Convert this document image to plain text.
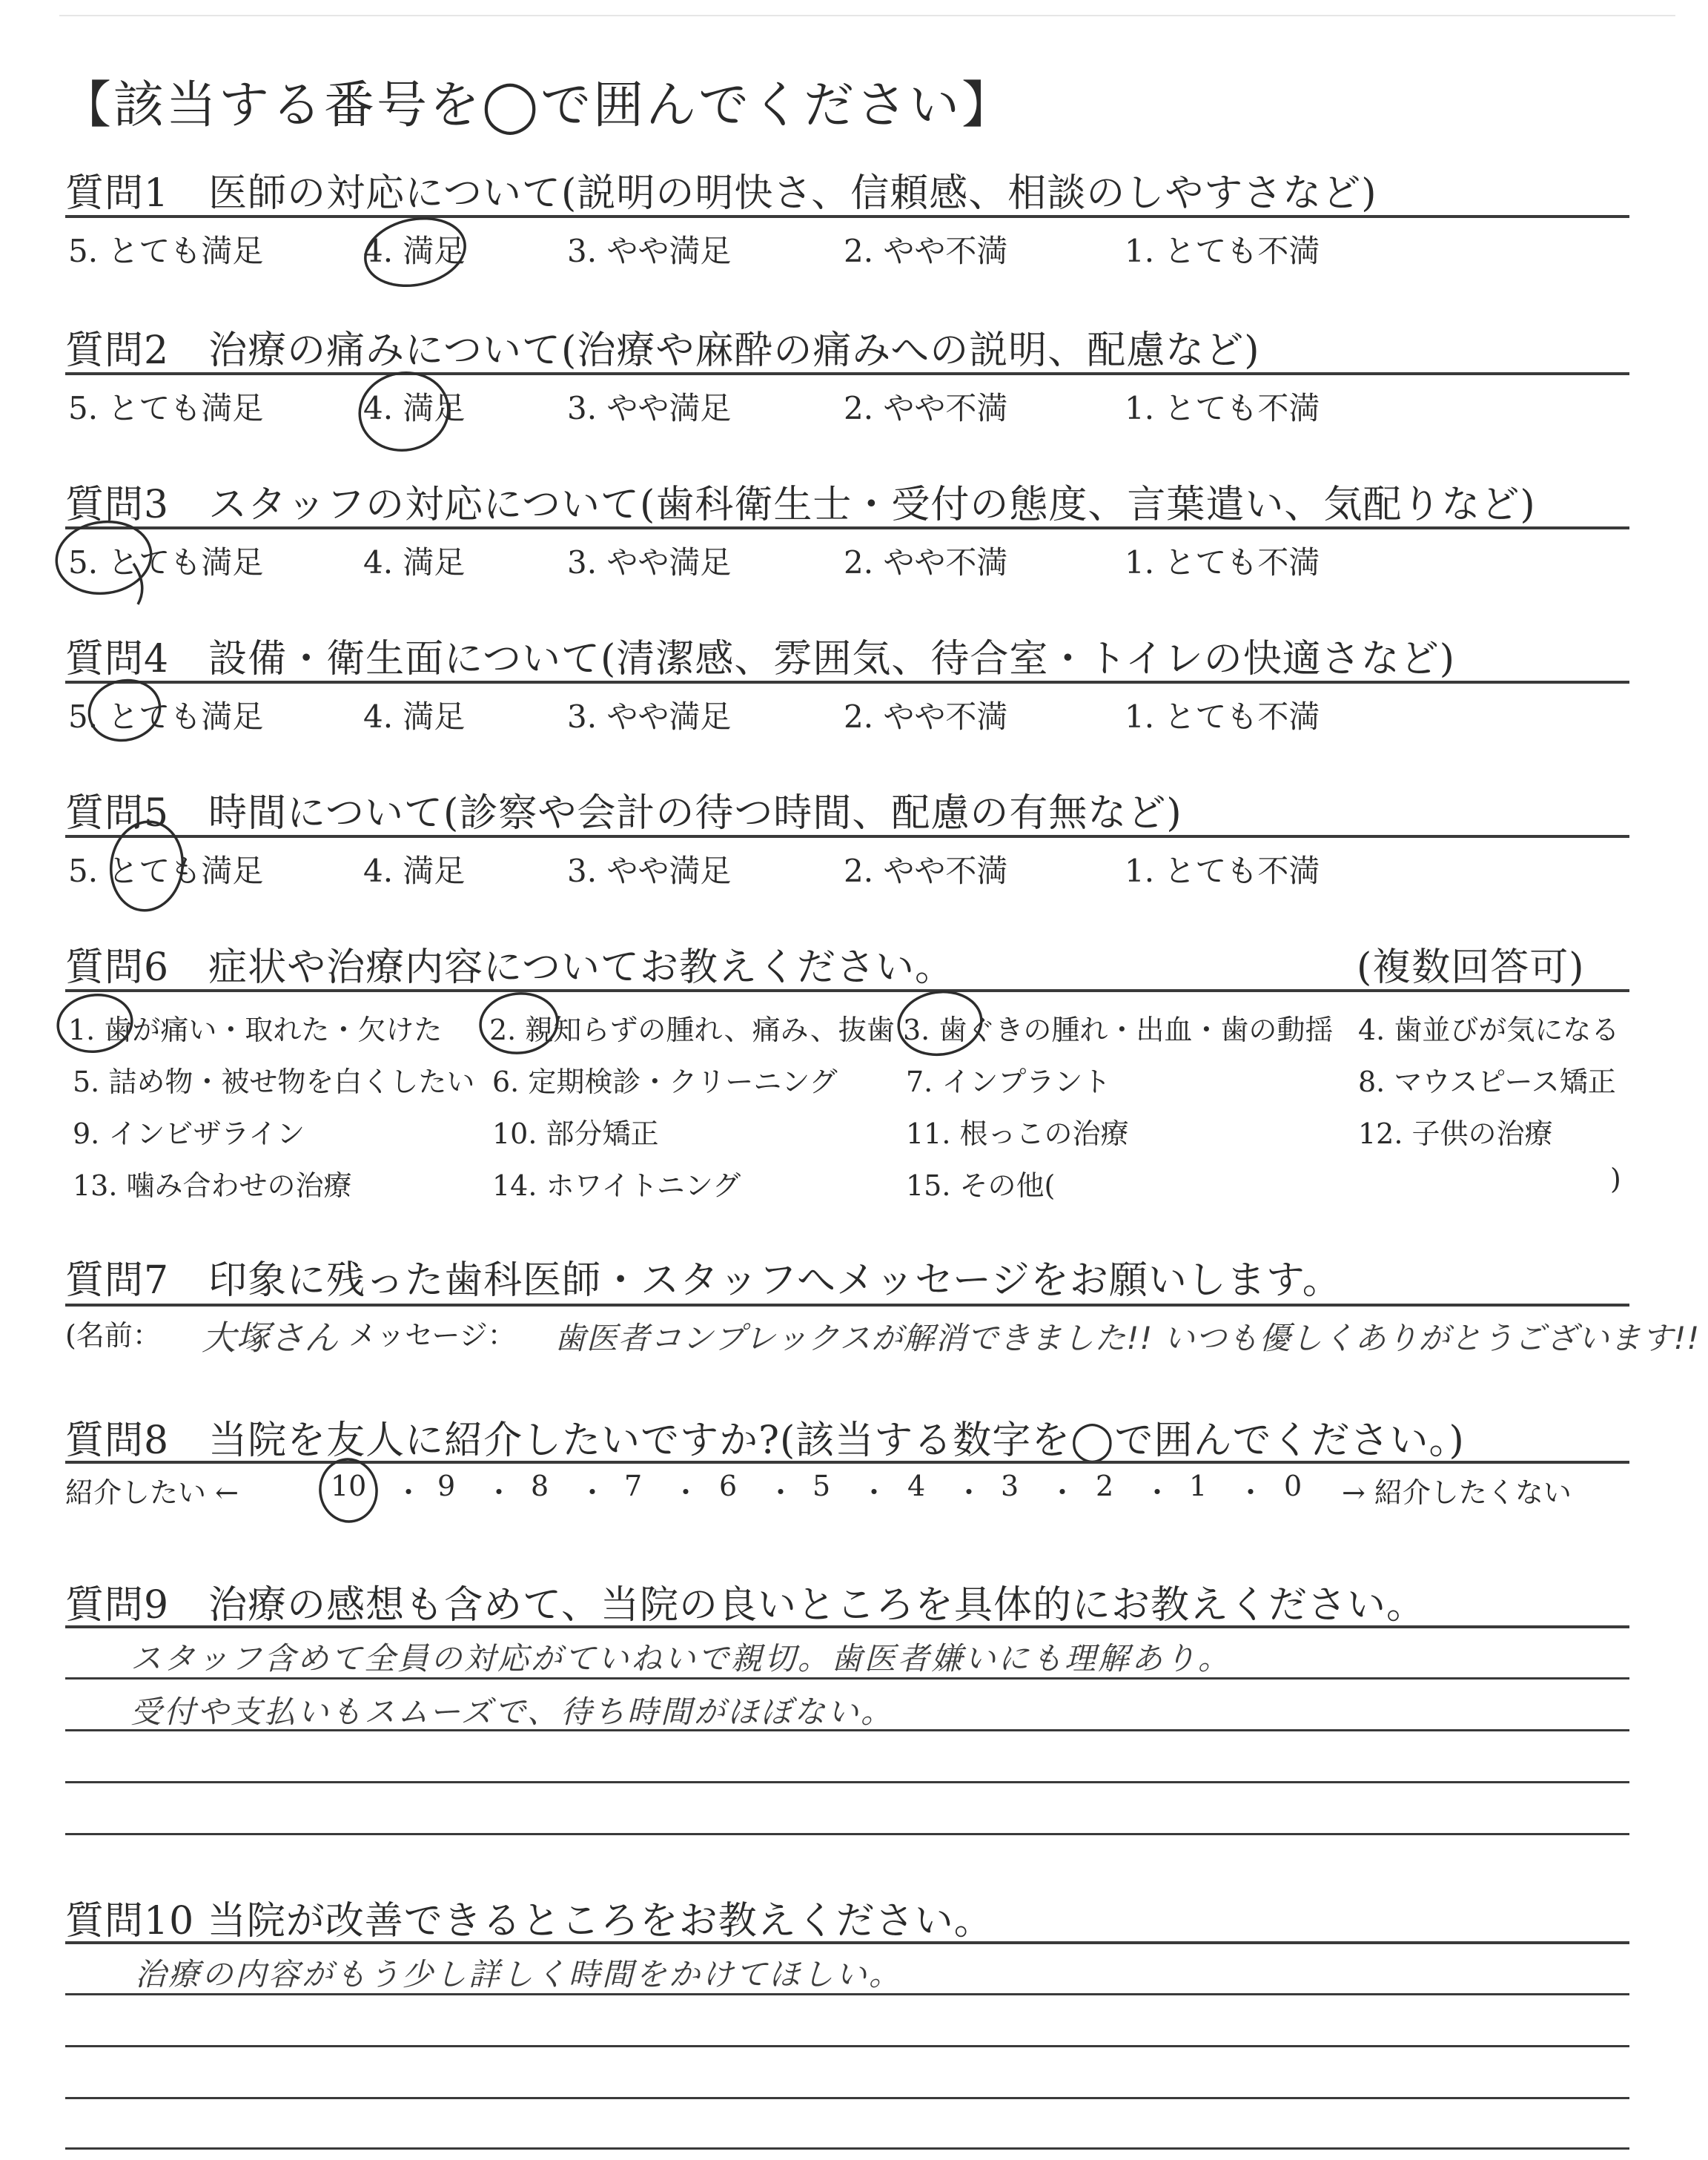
【該当する番号を◯で囲んでください】
質問1　医師の対応について(説明の明快さ、信頼感、相談のしやすさなど)
5. とても満足	4. 満足	3. やや満足	2. やや不満	1. とても不満
質問2　治療の痛みについて(治療や麻酔の痛みへの説明、配慮など)
5. とても満足	4. 満足	3. やや満足	2. やや不満	1. とても不満
質問3　スタッフの対応について(歯科衛生士・受付の態度、言葉遣い、気配りなど)
5. とても満足	4. 満足	3. やや満足	2. やや不満	1. とても不満
質問4　設備・衛生面について(清潔感、雰囲気、待合室・トイレの快適さなど)
5. とても満足	4. 満足	3. やや満足	2. やや不満	1. とても不満
質問5　時間について(診察や会計の待つ時間、配慮の有無など)
5. とても満足	4. 満足	3. やや満足	2. やや不満	1. とても不満
質問6　症状や治療内容についてお教えください。	(複数回答可)
1. 歯が痛い・取れた・欠けた 2. 親知らずの腫れ、痛み、抜歯 3. 歯ぐきの腫れ・出血・歯の動揺 4. 歯並びが気になる
5. 詰め物・被せ物を白くしたい 6. 定期検診・クリーニング 7. インプラント	8. マウスピース矯正
9. インビザライン	10. 部分矯正	11. 根っこの治療	12. 子供の治療
13. 噛み合わせの治療	14. ホワイトニング	15. その他(	)
質問7　印象に残った歯科医師・スタッフへメッセージをお願いします。
(名前： 大塚さん メッセージ： 歯医者コンプレックスが解消できました!! いつも優しくありがとうございます!!
質問8　当院を友人に紹介したいですか?(該当する数字を◯で囲んでください。)
紹介したい ←	→ 紹介したくない
10	9	8	7	6	5	4	3	2	1	0
・ ・ ・ ・ ・ ・ ・ ・ ・ ・
質問9　治療の感想も含めて、当院の良いところを具体的にお教えください。
スタッフ含めて全員の対応がていねいで親切。歯医者嫌いにも理解あり。
受付や支払いもスムーズで、待ち時間がほぼない。
質問10 当院が改善できるところをお教えください。
治療の内容がもう少し詳しく時間をかけてほしい。
